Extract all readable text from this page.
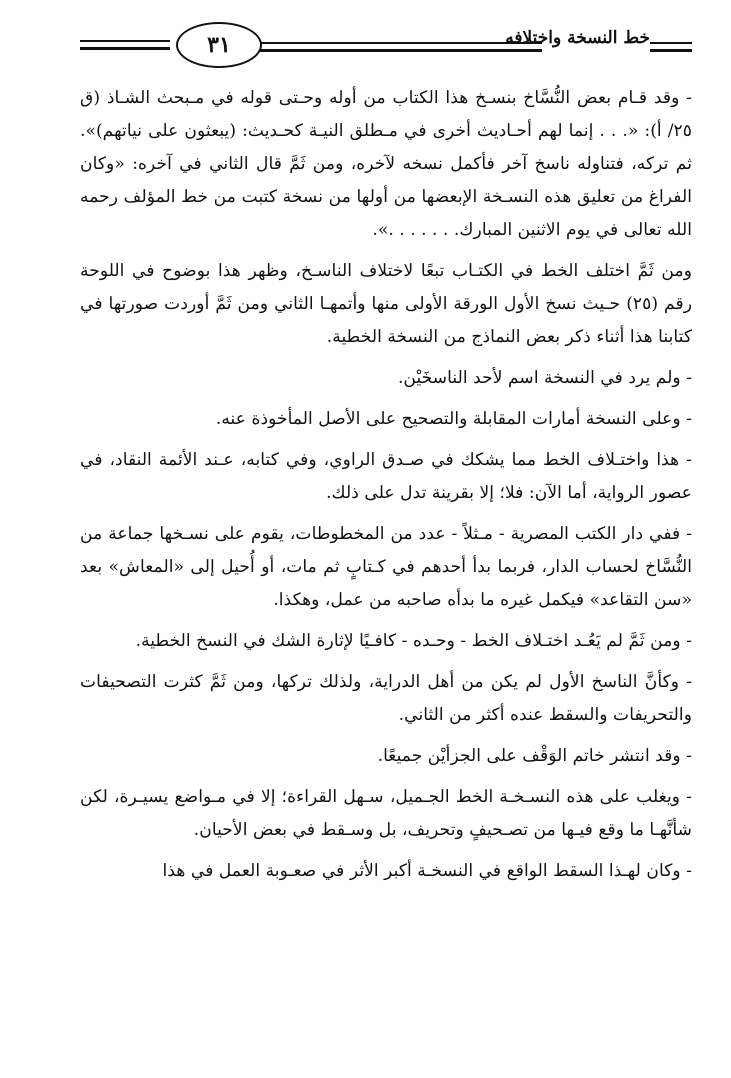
٣١	خط النسخة واختلافه

- وقد قـام بعض النُّسَّاخ بنسـخ هذا الكتاب من أوله وحـتى قوله في مـبحث الشـاذ (ق ٢٥/ أ): «. . . إنما لهم أحـاديث أخرى في مـطلق النيـة كحـديث: (يبعثون على نياتهم)». ثم تركه، فتناوله ناسخ آخر فأكمل نسخه لآخره، ومن ثَمَّ قال الثاني في آخره: «وكان الفراغ من تعليق هذه النسـخة الإبعضها من أولها من نسخة كتبت من خط المؤلف رحمه الله تعالى في يوم الاثنين المبارك. . . . . . .».

ومن ثَمَّ اختلف الخط في الكتـاب تبعًا لاختلاف الناسـخ، وظهر هذا بوضوح في اللوحة رقم (٢٥) حـيث نسخ الأول الورقة الأولى منها وأتمهـا الثاني ومن ثَمَّ أوردت صورتها في كتابنا هذا أثناء ذكر بعض النماذج من النسخة الخطية.

- ولم يرد في النسخة اسم لأحد الناسخَيْن.

- وعلى النسخة أمارات المقابلة والتصحيح على الأصل المأخوذة عنه.

- هذا واختـلاف الخط مما يشكك في صـدق الراوي، وفي كتابه، عـند الأئمة النقاد، في عصور الرواية، أما الآن: فلا؛ إلا بقرينة تدل على ذلك.

- ففي دار الكتب المصرية - مـثلاً - عدد من المخطوطات، يقوم على نسـخها جماعة من النُّسَّاخ لحساب الدار، فربما بدأ أحدهم في كـتابٍ ثم مات، أو أُحيل إلى «المعاش» بعد «سن التقاعد» فيكمل غيره ما بدأه صاحبه من عمل، وهكذا.

- ومن ثَمَّ لم يَعُـد اختـلاف الخط - وحـده - كافـيًا لإثارة الشك في النسخ الخطية.

- وكأنَّ الناسخ الأول لم يكن من أهل الدراية، ولذلك تركها، ومن ثَمَّ كثرت التصحيفات والتحريفات والسقط عنده أكثر من الثاني.

- وقد انتشر خاتم الوَقْف على الجزأيْن جميعًا.

- ويغلب على هذه النسـخـة الخط الجـميل، سـهل القراءة؛ إلا في مـواضع يسيـرة، لكن شأنَّهـا ما وقع فيـها من تصـحيفٍ وتحريف، بل وسـقط في بعض الأحيان.

- وكان لهـذا السقط الواقع في النسخـة أكبر الأثر في صعـوبة العمل في هذا
